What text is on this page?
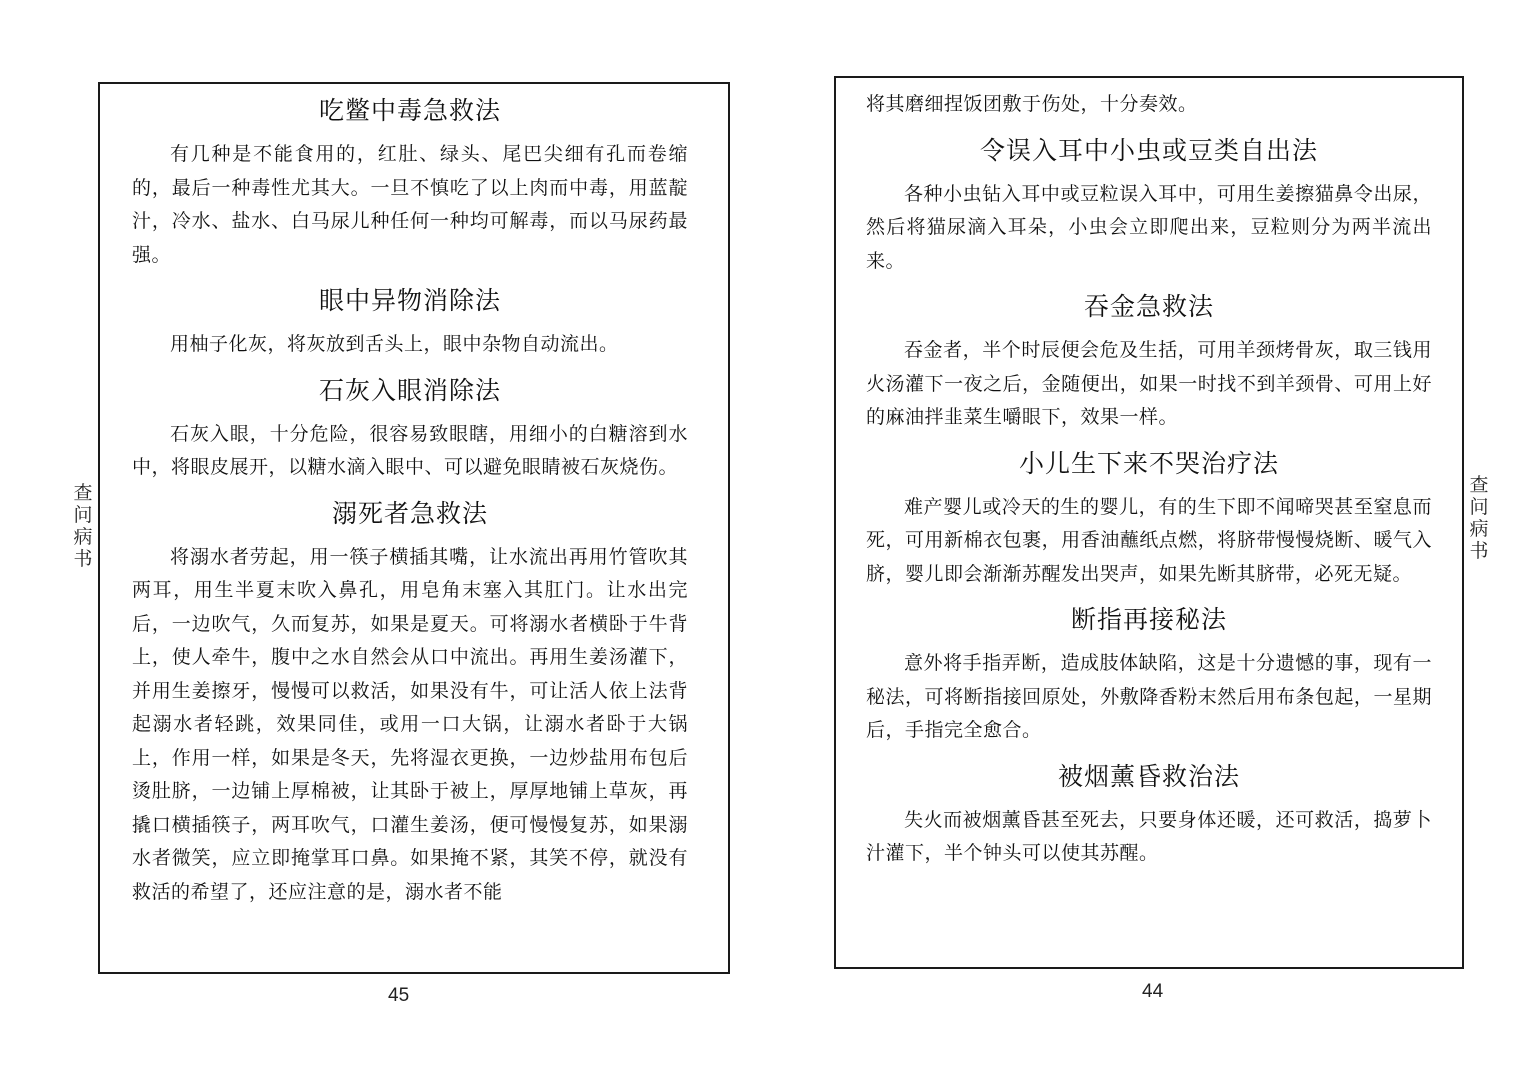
吃鳖中毒急救法

有几种是不能食用的，红肚、绿头、尾巴尖细有孔而卷缩的，最后一种毒性尤其大。一旦不慎吃了以上肉而中毒，用蓝靛汁，冷水、盐水、白马尿儿种任何一种均可解毒，而以马尿药最强。

眼中异物消除法

用柚子化灰，将灰放到舌头上，眼中杂物自动流出。

石灰入眼消除法

石灰入眼，十分危险，很容易致眼瞎，用细小的白糖溶到水中，将眼皮展开，以糖水滴入眼中、可以避免眼睛被石灰烧伤。

溺死者急救法

将溺水者劳起，用一筷子横插其嘴，让水流出再用竹管吹其两耳，用生半夏末吹入鼻孔，用皂角末塞入其肛门。让水出完后，一边吹气，久而复苏，如果是夏天。可将溺水者横卧于牛背上，使人牵牛，腹中之水自然会从口中流出。再用生姜汤灌下，并用生姜擦牙，慢慢可以救活，如果没有牛，可让活人依上法背起溺水者轻跳，效果同佳，或用一口大锅，让溺水者卧于大锅上，作用一样，如果是冬天，先将湿衣更换，一边炒盐用布包后烫肚脐，一边铺上厚棉被，让其卧于被上，厚厚地铺上草灰，再撬口横插筷子，两耳吹气，口灌生姜汤，便可慢慢复苏，如果溺水者微笑，应立即掩掌耳口鼻。如果掩不紧，其笑不停，就没有救活的希望了，还应注意的是，溺水者不能

查问病书
45

将其磨细捏饭团敷于伤处，十分奏效。

令误入耳中小虫或豆类自出法

各种小虫钻入耳中或豆粒误入耳中，可用生姜擦猫鼻令出尿，然后将猫尿滴入耳朵，小虫会立即爬出来，豆粒则分为两半流出来。

吞金急救法

吞金者，半个时辰便会危及生括，可用羊颈烤骨灰，取三钱用火汤灌下一夜之后，金随便出，如果一时找不到羊颈骨、可用上好的麻油拌韭菜生嚼眼下，效果一样。

小儿生下来不哭治疗法

难产婴儿或冷天的生的婴儿，有的生下即不闻啼哭甚至窒息而死，可用新棉衣包裹，用香油蘸纸点燃，将脐带慢慢烧断、暖气入脐，婴儿即会渐渐苏醒发出哭声，如果先断其脐带，必死无疑。

断指再接秘法

意外将手指弄断，造成肢体缺陷，这是十分遗憾的事，现有一秘法，可将断指接回原处，外敷降香粉末然后用布条包起，一星期后，手指完全愈合。

被烟薰昏救治法

失火而被烟薰昏甚至死去，只要身体还暖，还可救活，捣萝卜汁灌下，半个钟头可以使其苏醒。

查问病书
44
